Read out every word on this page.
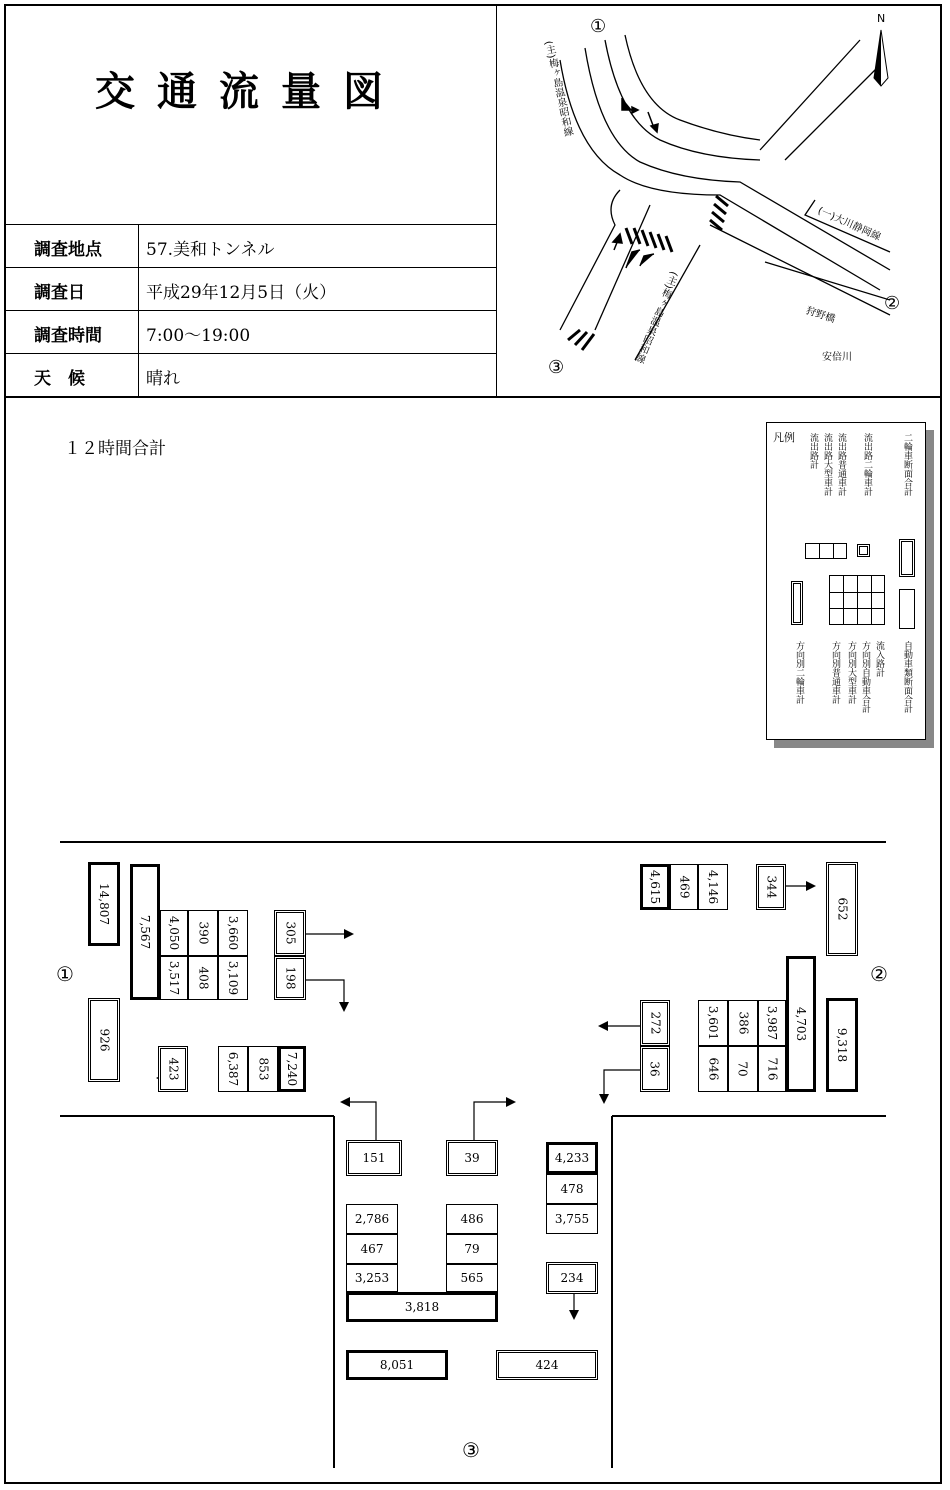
交通流量図
調査地点	57.美和トンネル
調査日	平成29年12月5日（火）
調査時間	7:00～19:00
天　候	晴れ
①
②
③
N
(主)梅ヶ島温泉昭和線
(主)梅ヶ島温泉昭和線
(一)大川静岡線
狩野橋
安倍川
１２時間合計
凡例 流出路計 流出路大型車計 流出路普通車計 流出路二輪車計	二輪車断面合計
方向別二輪車計	方向別普通車計 方向別大型車計 方向別自動車合計 流入路計 自動車類断面合計
①	②
③
14,807
926
7,567 4,050 390 3,660
3,517 408 3,109
305
198
423	6,387 853 7,240
4,615 469 4,146	344
652
272
36
3,601 386 3,987
646 70 716
4,703
9,318
151	39	4,233
478
3,755
2,786
467
3,253
486
79
565
3,818
234
8,051	424
